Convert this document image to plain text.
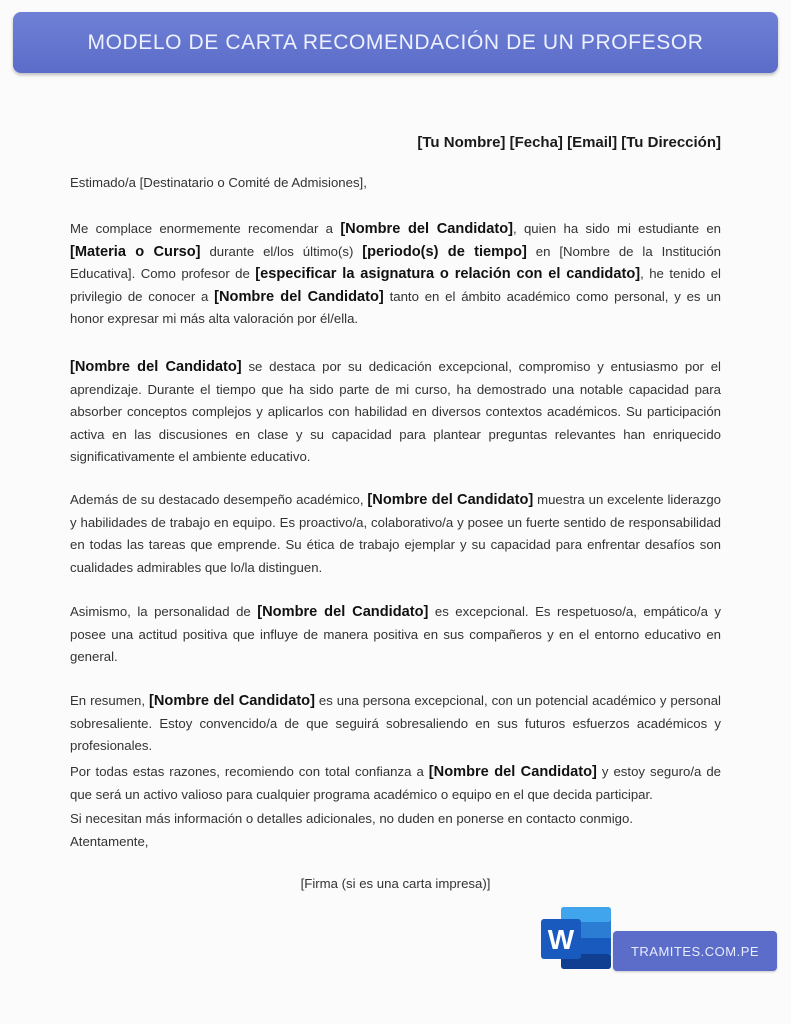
MODELO DE CARTA RECOMENDACIÓN DE UN PROFESOR
[Tu Nombre] [Fecha] [Email] [Tu Dirección]
Estimado/a [Destinatario o Comité de Admisiones],
Me complace enormemente recomendar a [Nombre del Candidato], quien ha sido mi estudiante en [Materia o Curso] durante el/los último(s) [periodo(s) de tiempo] en [Nombre de la Institución Educativa]. Como profesor de [especificar la asignatura o relación con el candidato], he tenido el privilegio de conocer a [Nombre del Candidato] tanto en el ámbito académico como personal, y es un honor expresar mi más alta valoración por él/ella.
[Nombre del Candidato] se destaca por su dedicación excepcional, compromiso y entusiasmo por el aprendizaje. Durante el tiempo que ha sido parte de mi curso, ha demostrado una notable capacidad para absorber conceptos complejos y aplicarlos con habilidad en diversos contextos académicos. Su participación activa en las discusiones en clase y su capacidad para plantear preguntas relevantes han enriquecido significativamente el ambiente educativo.
Además de su destacado desempeño académico, [Nombre del Candidato] muestra un excelente liderazgo y habilidades de trabajo en equipo. Es proactivo/a, colaborativo/a y posee un fuerte sentido de responsabilidad en todas las tareas que emprende. Su ética de trabajo ejemplar y su capacidad para enfrentar desafíos son cualidades admirables que lo/la distinguen.
Asimismo, la personalidad de [Nombre del Candidato] es excepcional. Es respetuoso/a, empático/a y posee una actitud positiva que influye de manera positiva en sus compañeros y en el entorno educativo en general.
En resumen, [Nombre del Candidato] es una persona excepcional, con un potencial académico y personal sobresaliente. Estoy convencido/a de que seguirá sobresaliendo en sus futuros esfuerzos académicos y profesionales.
Por todas estas razones, recomiendo con total confianza a [Nombre del Candidato] y estoy seguro/a de que será un activo valioso para cualquier programa académico o equipo en el que decida participar.
Si necesitan más información o detalles adicionales, no duden en ponerse en contacto conmigo.
Atentamente,
[Firma (si es una carta impresa)]
W	TRAMITES.COM.PE
